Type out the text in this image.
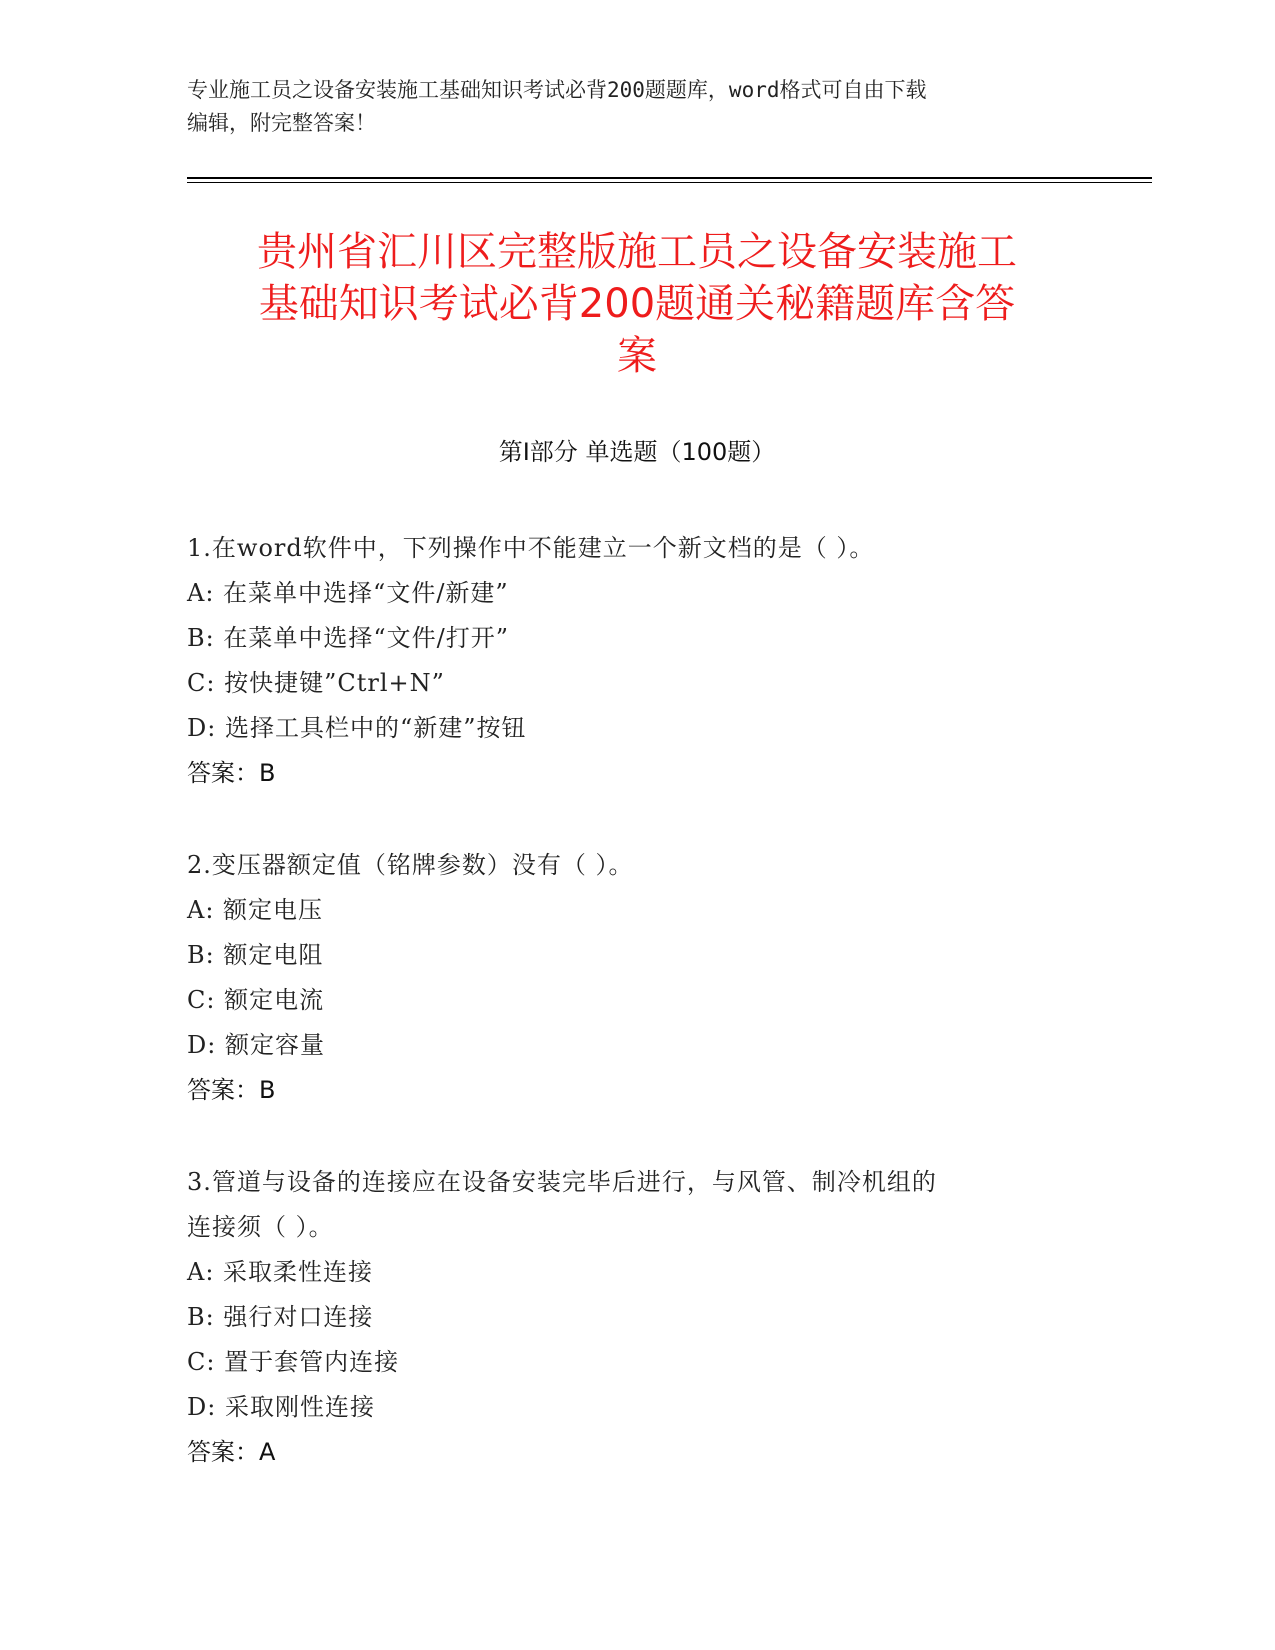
专业施工员之设备安装施工基础知识考试必背200题题库，word格式可自由下载
编辑，附完整答案！
贵州省汇川区完整版施工员之设备安装施工
基础知识考试必背200题通关秘籍题库含答
案
第Ⅰ部分 单选题（100题）
1.在word软件中，下列操作中不能建立一个新文档的是（ ）。
A: 在菜单中选择“文件/新建”
B: 在菜单中选择“文件/打开”
C: 按快捷键”Ctrl+N”
D: 选择工具栏中的“新建”按钮
答案：B
2.变压器额定值（铭牌参数）没有（ ）。
A: 额定电压
B: 额定电阻
C: 额定电流
D: 额定容量
答案：B
3.管道与设备的连接应在设备安装完毕后进行，与风管、制冷机组的
连接须（ ）。
A: 采取柔性连接
B: 强行对口连接
C: 置于套管内连接
D: 采取刚性连接
答案：A
